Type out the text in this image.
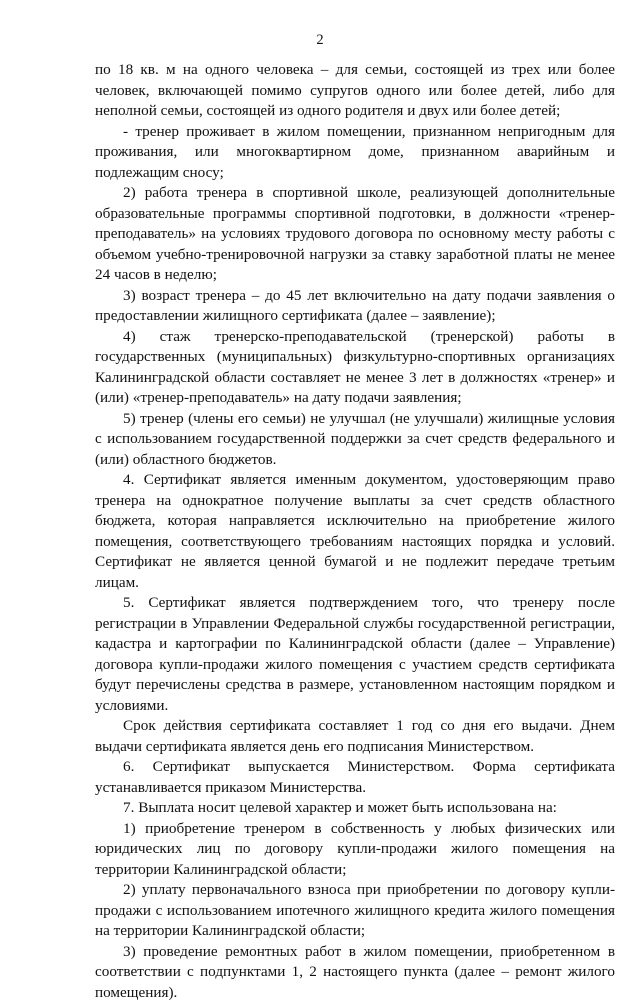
2

по 18 кв. м на одного человека – для семьи, состоящей из трех или более человек, включающей помимо супругов одного или более детей, либо для неполной семьи, состоящей из одного родителя и двух или более детей;

- тренер проживает в жилом помещении, признанном непригодным для проживания, или многоквартирном доме, признанном аварийным и подлежащим сносу;

2) работа тренера в спортивной школе, реализующей дополнительные образовательные программы спортивной подготовки, в должности «тренер-преподаватель» на условиях трудового договора по основному месту работы с объемом учебно-тренировочной нагрузки за ставку заработной платы не менее 24 часов в неделю;

3) возраст тренера – до 45 лет включительно на дату подачи заявления о предоставлении жилищного сертификата (далее – заявление);

4) стаж тренерско-преподавательской (тренерской) работы в государственных (муниципальных) физкультурно-спортивных организациях Калининградской области составляет не менее 3 лет в должностях «тренер» и (или) «тренер-преподаватель» на дату подачи заявления;

5) тренер (члены его семьи) не улучшал (не улучшали) жилищные условия с использованием государственной поддержки за счет средств федерального и (или) областного бюджетов.

4. Сертификат является именным документом, удостоверяющим право тренера на однократное получение выплаты за счет средств областного бюджета, которая направляется исключительно на приобретение жилого помещения, соответствующего требованиям настоящих порядка и условий. Сертификат не является ценной бумагой и не подлежит передаче третьим лицам.

5. Сертификат является подтверждением того, что тренеру после регистрации в Управлении Федеральной службы государственной регистрации, кадастра и картографии по Калининградской области (далее – Управление) договора купли-продажи жилого помещения с участием средств сертификата будут перечислены средства в размере, установленном настоящим порядком и условиями.

Срок действия сертификата составляет 1 год со дня его выдачи. Днем выдачи сертификата является день его подписания Министерством.

6. Сертификат выпускается Министерством. Форма сертификата устанавливается приказом Министерства.

7. Выплата носит целевой характер и может быть использована на:

1) приобретение тренером в собственность у любых физических или юридических лиц по договору купли-продажи жилого помещения на территории Калининградской области;

2) уплату первоначального взноса при приобретении по договору купли-продажи с использованием ипотечного жилищного кредита жилого помещения на территории Калининградской области;

3) проведение ремонтных работ в жилом помещении, приобретенном в соответствии с подпунктами 1, 2 настоящего пункта (далее – ремонт жилого помещения).
